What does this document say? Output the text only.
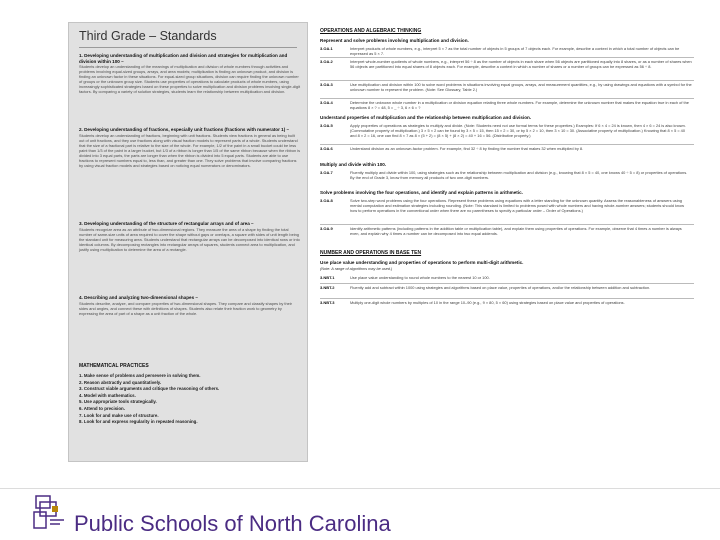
Third Grade – Standards
1. Developing understanding of multiplication and division and strategies for multiplication and division within 100 –
Students develop an understanding of the meanings of multiplication and division of whole numbers through activities and problems involving equal-sized groups, arrays, and area models; multiplication is finding an unknown product, and division is finding an unknown factor in these situations. For equal-sized group situations, division can require finding the unknown number of groups or the unknown group size. Students use properties of operations to calculate products of whole numbers, using increasingly sophisticated strategies based on these properties to solve multiplication and division problems involving single-digit factors. By comparing a variety of solution strategies, students learn the relationship between multiplication and division.
2. Developing understanding of fractions, especially unit fractions (fractions with numerator 1) –
Students develop an understanding of fractions, beginning with unit fractions. Students view fractions in general as being built out of unit fractions, and they use fractions along with visual fraction models to represent parts of a whole. Students understand that the size of a fractional part is relative to the size of the whole. For example, 1/2 of the paint in a small bucket could be less paint than 1/3 of the paint in a larger bucket, but 1/3 of a ribbon is longer than 1/5 of the same ribbon because when the ribbon is divided into 3 equal parts, the parts are longer than when the ribbon is divided into 5 equal parts. Students are able to use fractions to represent numbers equal to, less than, and greater than one. They solve problems that involve comparing fractions by using visual fraction models and strategies based on noticing equal numerators or denominators.
3. Developing understanding of the structure of rectangular arrays and of area –
Students recognize area as an attribute of two-dimensional regions. They measure the area of a shape by finding the total number of same-size units of area required to cover the shape without gaps or overlaps, a square with sides of unit length being the standard unit for measuring area. Students understand that rectangular arrays can be decomposed into identical rows or into identical columns. By decomposing rectangles into rectangular arrays of squares, students connect area to multiplication, and justify using multiplication to determine the area of a rectangle.
4. Describing and analyzing two-dimensional shapes –
Students describe, analyze, and compare properties of two-dimensional shapes. They compare and classify shapes by their sides and angles, and connect these with definitions of shapes. Students also relate their fraction work to geometry by expressing the area of part of a shape as a unit fraction of the whole.
MATHEMATICAL PRACTICES
1. Make sense of problems and persevere in solving them.
2. Reason abstractly and quantitatively.
3. Construct viable arguments and critique the reasoning of others.
4. Model with mathematics.
5. Use appropriate tools strategically.
6. Attend to precision.
7. Look for and make use of structure.
8. Look for and express regularity in repeated reasoning.
OPERATIONS AND ALGEBRAIC THINKING
Represent and solve problems involving multiplication and division.
3.OA.1	Interpret products of whole numbers, e.g., interpret 5 × 7 as the total number of objects in 5 groups of 7 objects each. For example, describe a context in which a total number of objects can be expressed as 5 × 7.
3.OA.2	Interpret whole-number quotients of whole numbers, e.g., interpret 56 ÷ 8 as the number of objects in each share when 56 objects are partitioned equally into 8 shares, or as a number of shares when 56 objects are partitioned into equal shares of 8 objects each. For example, describe a context in which a number of shares or a number of groups can be expressed as 56 ÷ 8.
3.OA.3	Use multiplication and division within 100 to solve word problems in situations involving equal groups, arrays, and measurement quantities, e.g., by using drawings and equations with a symbol for the unknown number to represent the problem. (Note: See Glossary, Table 2.)
3.OA.4	Determine the unknown whole number in a multiplication or division equation relating three whole numbers. For example, determine the unknown number that makes the equation true in each of the equations 8 × ? = 48, 5 = _ ÷ 3, 6 × 6 = ?
Understand properties of multiplication and the relationship between multiplication and division.
3.OA.5	Apply properties of operations as strategies to multiply and divide. (Note: Students need not use formal terms for these properties.) Examples: If 6 × 4 = 24 is known, then 4 × 6 = 24 is also known. (Commutative property of multiplication.) 3 × 5 × 2 can be found by 3 × 5 = 15, then 15 × 2 = 30, or by 5 × 2 = 10, then 3 × 10 = 30. (Associative property of multiplication.) Knowing that 8 × 5 = 40 and 8 × 2 = 16, one can find 8 × 7 as 8 × (5 + 2) = (8 × 5) + (8 × 2) = 40 + 16 = 56. (Distributive property.)
3.OA.6	Understand division as an unknown-factor problem. For example, find 32 ÷ 8 by finding the number that makes 32 when multiplied by 8.
Multiply and divide within 100.
3.OA.7	Fluently multiply and divide within 100, using strategies such as the relationship between multiplication and division (e.g., knowing that 8 × 5 = 40, one knows 40 ÷ 5 = 8) or properties of operations. By the end of Grade 3, know from memory all products of two one-digit numbers.
Solve problems involving the four operations, and identify and explain patterns in arithmetic.
3.OA.8	Solve two-step word problems using the four operations. Represent these problems using equations with a letter standing for the unknown quantity. Assess the reasonableness of answers using mental computation and estimation strategies including rounding. (Note: This standard is limited to problems posed with whole numbers and having whole-number answers; students should know how to perform operations in the conventional order when there are no parentheses to specify a particular order – Order of Operations.)
3.OA.9	Identify arithmetic patterns (including patterns in the addition table or multiplication table), and explain them using properties of operations. For example, observe that 4 times a number is always even, and explain why 4 times a number can be decomposed into two equal addends.
NUMBER AND OPERATIONS IN BASE TEN
Use place value understanding and properties of operations to perform multi-digit arithmetic.
(Note: A range of algorithms may be used.)
3.NBT.1	Use place value understanding to round whole numbers to the nearest 10 or 100.
3.NBT.2	Fluently add and subtract within 1000 using strategies and algorithms based on place value, properties of operations, and/or the relationship between addition and subtraction.
3.NBT.3	Multiply one-digit whole numbers by multiples of 10 in the range 10–90 (e.g., 9 × 80, 5 × 60) using strategies based on place value and properties of operations.
Public Schools of North Carolina
